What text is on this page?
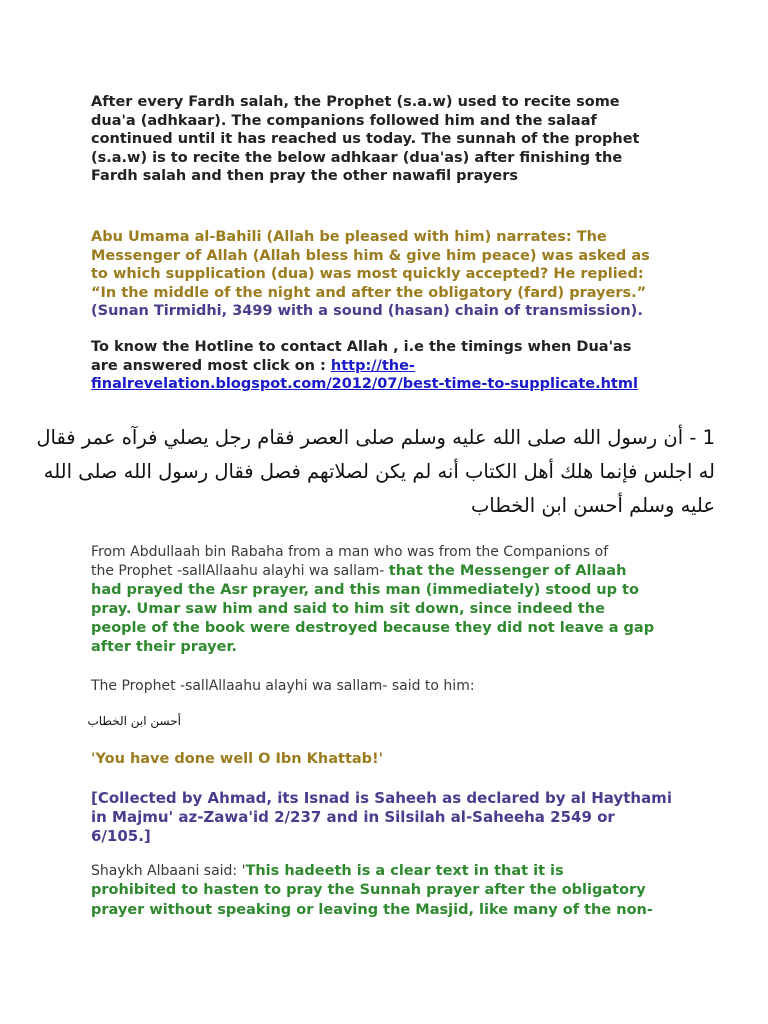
After every Fardh salah, the Prophet (s.a.w) used to recite some
dua'a (adhkaar). The companions followed him and the salaaf
continued until it has reached us today. The sunnah of the prophet
(s.a.w) is to recite the below adhkaar (dua'as) after finishing the
Fardh salah and then pray the other nawafil prayers
Abu Umama al-Bahili (Allah be pleased with him) narrates: The
Messenger of Allah (Allah bless him & give him peace) was asked as
to which supplication (dua) was most quickly accepted? He replied:
“In the middle of the night and after the obligatory (fard) prayers.”
(Sunan Tirmidhi, 3499 with a sound (hasan) chain of transmission).
To know the Hotline to contact Allah , i.e the timings when Dua'as
are answered most click on : http://the-
finalrevelation.blogspot.com/2012/07/best-time-to-supplicate.html
1 - أن رسول الله صلى الله عليه وسلم صلى العصر فقام رجل يصلي فرآه عمر فقال
له اجلس فإنما هلك أهل الكتاب أنه لم يكن لصلاتهم فصل فقال رسول الله صلى الله
عليه وسلم أحسن ابن الخطاب
From Abdullaah bin Rabaha from a man who was from the Companions of
the Prophet -sallAllaahu alayhi wa sallam- that the Messenger of Allaah
had prayed the Asr prayer, and this man (immediately) stood up to
pray. Umar saw him and said to him sit down, since indeed the
people of the book were destroyed because they did not leave a gap
after their prayer.
The Prophet -sallAllaahu alayhi wa sallam- said to him:
أحسن ابن الخطاب
'You have done well O Ibn Khattab!'
[Collected by Ahmad, its Isnad is Saheeh as declared by al Haythami
in Majmu' az-Zawa'id 2/237 and in Silsilah al-Saheeha 2549 or
6/105.]
Shaykh Albaani said: 'This hadeeth is a clear text in that it is
prohibited to hasten to pray the Sunnah prayer after the obligatory
prayer without speaking or leaving the Masjid, like many of the non-
